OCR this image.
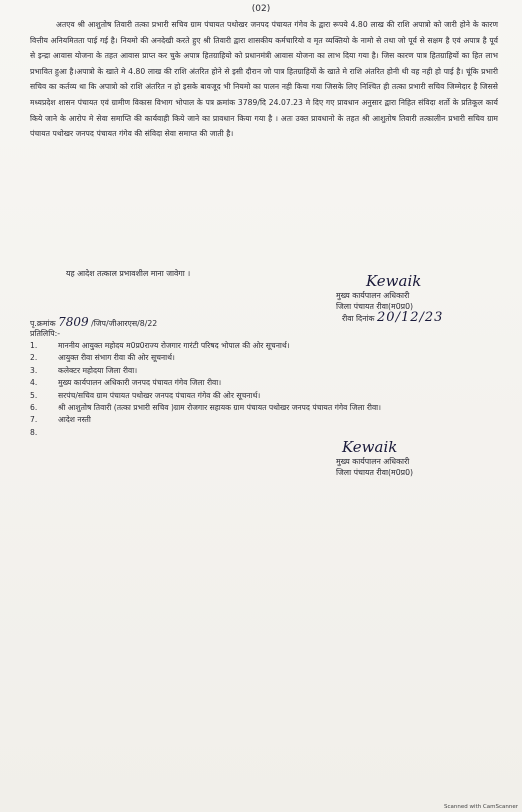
(02)
अतएव श्री आशुतोष तिवारी तत्का प्रभारी सचिव ग्राम पंचायत पथोखर जनपद पंचायत गंगेव के द्वारा रूपये 4.80 लाख की राशि अपात्रो को जारी होने के कारण वित्तीय अनियमितता पाई गई है। नियमो की अनदेखी करते हुए श्री तिवारी द्वारा शासकीय कर्मचारियो व मृत व्यक्तियो के नामो से तथा जो पूर्व से सक्षम है एवं अपात्र है पूर्व से इन्द्रा आवास योजना के तहत आवास प्राप्त कर चुके अपात्र हितग्राहियो को प्रधानमंत्री आवास योजना का लाभ दिया गया है। जिस कारण पात्र हितग्राहियों का हित लाभ प्रभावित हुआ है।अपात्रो के खाते मे 4.80 लाख की राशि अंतरित होने से इसी दौरान जो पात्र हितग्राहियों के खाते मे राशि अंतरित होनी थी वह नही हो पाई है। चूंकि प्रभारी सचिव का कर्तव्य था कि अपात्रो को राशि अंतरित न हो इसके बावजूद भी नियमो का पालन नही किया गया जिसके लिए निश्चित ही तत्का प्रभारी सचिव जिम्मेदार है जिससे मध्यप्रदेश शासन पंचायत एवं ग्रामीण विकास विभाग भोपाल के पत्र क्रमांक 3789/दि 24.07.23 मे दिए गए प्रावधान अनुसार द्वारा निहित संविदा शर्तो के प्रतिकूल कार्य किये जाने के आरोप मे सेवा समाप्ति की कार्यवाही किये जाने का प्रावधान किया गया है । अतः उक्त प्रावधानो के तहत श्री आशुतोष तिवारी तत्कालीन प्रभारी सचिव ग्राम पंचायत पथोखर जनपद पंचायत गंगेव की संविदा सेवा समाप्त की जाती है।
यह आदेश तत्काल प्रभावशील माना जावेगा ।	Kewaik
मुख्य कार्यपालन अधिकारी
जिला पंचायत रीवा(म0प्र0)
रीवा दिनांक 20/12/23
पृ.क्रमांक 7809 /जिप/जीआरएस/8/22
प्रतिलिपि:-
1.	माननीय आयुक्त महोदय म0प्र0राज्य रोजगार गारंटी परिषद भोपाल की ओर सूचनार्थ।
2.	आयुक्त रीवा संभाग रीवा की ओर सूचनार्थ।
3.	कलेक्टर महोदया जिला रीवा।
4.	मुख्य कार्यपालन अधिकारी जनपद पंचायत गंगेव जिला रीवा।
5.	सरपंच/सचिव ग्राम पंचायत पथोखर जनपद पंचायत गंगेव की ओर सूचनार्थ।
6.	श्री आशुतोष तिवारी (तत्का प्रभारी सचिव )ग्राम रोजगार सहायक ग्राम पंचायत पथोखर जनपद पंचायत गंगेव जिला रीवा।
7.	आदेश नस्ती
8.
Kewaik
मुख्य कार्यपालन अधिकारी
जिला पंचायत रीवा(म0प्र0)
Scanned with CamScanner
